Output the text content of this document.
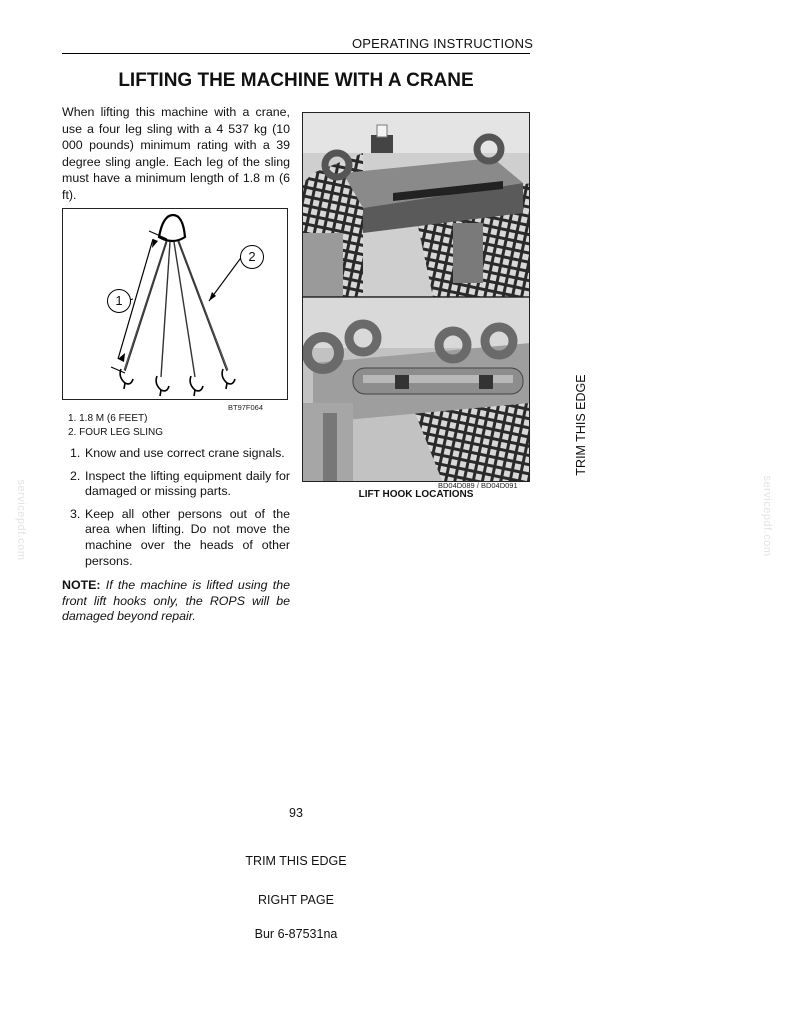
OPERATING INSTRUCTIONS
LIFTING THE MACHINE WITH A CRANE
When lifting this machine with a crane, use a four leg sling with a 4 537 kg (10 000 pounds) minimum rating with a 39 degree sling angle. Each leg of the sling must have a minimum length of 1.8 m (6 ft).
2
1
BT97F064
1. 1.8 M (6 FEET)
2. FOUR LEG SLING
1. Know and use correct crane signals.
2. Inspect the lifting equipment daily for damaged or missing parts.
3. Keep all other persons out of the area when lifting. Do not move the machine over the heads of other persons.
NOTE: If the machine is lifted using the front lift hooks only, the ROPS will be damaged beyond repair.
BD04D089 / BD04D091
LIFT HOOK LOCATIONS
TRIM THIS EDGE
servicepdf.com	servicepdf.com
93
TRIM THIS EDGE
RIGHT PAGE
Bur 6-87531na
